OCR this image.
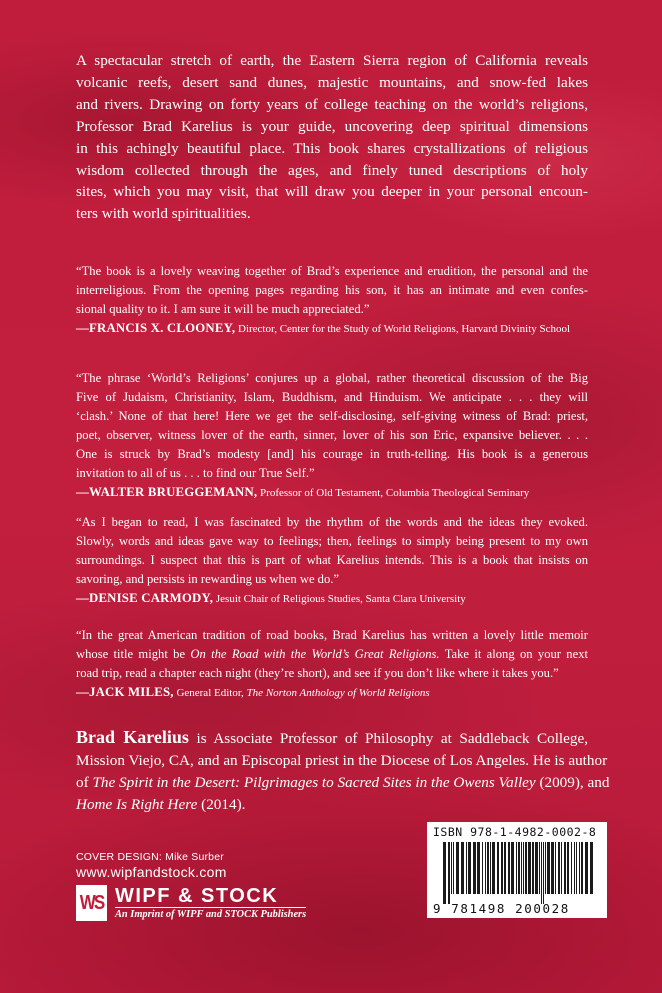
A spectacular stretch of earth, the Eastern Sierra region of California reveals
volcanic reefs, desert sand dunes, majestic mountains, and snow-fed lakes
and rivers. Drawing on forty years of college teaching on the world’s religions,
Professor Brad Karelius is your guide, uncovering deep spiritual dimensions
in this achingly beautiful place. This book shares crystallizations of religious
wisdom collected through the ages, and finely tuned descriptions of holy
sites, which you may visit, that will draw you deeper in your personal encoun-
ters with world spiritualities.
“The book is a lovely weaving together of Brad’s experience and erudition, the personal and the
interreligious. From the opening pages regarding his son, it has an intimate and even confes-
sional quality to it. I am sure it will be much appreciated.”
—FRANCIS X. CLOONEY, Director, Center for the Study of World Religions, Harvard Divinity School
“The phrase ‘World’s Religions’ conjures up a global, rather theoretical discussion of the Big
Five of Judaism, Christianity, Islam, Buddhism, and Hinduism. We anticipate . . . they will
‘clash.’ None of that here! Here we get the self-disclosing, self-giving witness of Brad: priest,
poet, observer, witness lover of the earth, sinner, lover of his son Eric, expansive believer. . . .
One is struck by Brad’s modesty [and] his courage in truth-telling. His book is a generous
invitation to all of us . . . to find our True Self.”
—WALTER BRUEGGEMANN, Professor of Old Testament, Columbia Theological Seminary
“As I began to read, I was fascinated by the rhythm of the words and the ideas they evoked.
Slowly, words and ideas gave way to feelings; then, feelings to simply being present to my own
surroundings. I suspect that this is part of what Karelius intends. This is a book that insists on
savoring, and persists in rewarding us when we do.”
—DENISE CARMODY, Jesuit Chair of Religious Studies, Santa Clara University
“In the great American tradition of road books, Brad Karelius has written a lovely little memoir
whose title might be On the Road with the World’s Great Religions. Take it along on your next
road trip, read a chapter each night (they’re short), and see if you don’t like where it takes you.”
—JACK MILES, General Editor, The Norton Anthology of World Religions
Brad Karelius is Associate Professor of Philosophy at Saddleback College,
Mission Viejo, CA, and an Episcopal priest in the Diocese of Los Angeles. He is author
of The Spirit in the Desert: Pilgrimages to Sacred Sites in the Owens Valley (2009), and
Home Is Right Here (2014).
COVER DESIGN: Mike Surber
www.wipfandstock.com
WS WIPF & STOCK
An Imprint of WIPF and STOCK Publishers
ISBN 978-1-4982-0002-8
9 781498 200028
